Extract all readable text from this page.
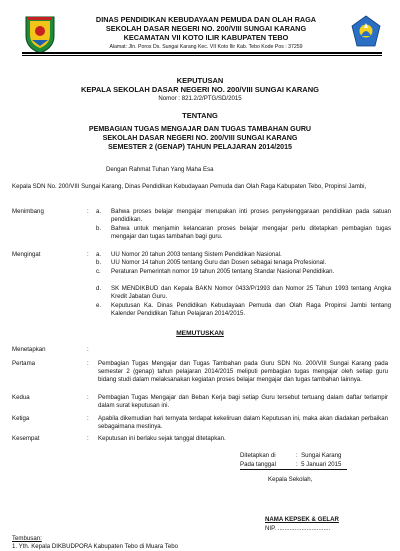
DINAS PENDIDIKAN KEBUDAYAAN PEMUDA DAN OLAH RAGA
SEKOLAH DASAR NEGERI NO. 200/VIII SUNGAI KARANG
KECAMATAN VII KOTO ILIR KABUPATEN TEBO
Alamat: Jln. Poros Ds. Sungai Karang Kec. VII Koto Ilir Kab. Tebo Kode Pos : 37259
KEPUTUSAN
KEPALA SEKOLAH DASAR NEGERI NO. 200/VIII SUNGAI KARANG
Nomor : 821.2/2/PTG/SD/2015
TENTANG
PEMBAGIAN TUGAS MENGAJAR DAN TUGAS TAMBAHAN GURU
SEKOLAH DASAR NEGERI NO. 200/VIII SUNGAI KARANG
SEMESTER 2 (GENAP) TAHUN PELAJARAN 2014/2015
Dengan Rahmat Tuhan Yang Maha Esa
Kepala SDN No. 200/VIII Sungai Karang, Dinas Pendidikan Kebudayaan Pemuda dan Olah Raga Kabupaten Tebo, Propinsi Jambi,
Menimbang	: a. Bahwa proses belajar mengajar merupakan inti proses penyelenggaraan pendidikan pada satuan pendidikan.
b. Bahwa untuk menjamin kelancaran proses belajar mengajar perlu ditetapkan pembagian tugas mengajar dan tugas tambahan bagi guru.
Mengingat	: a. UU Nomor 20 tahun 2003 tentang Sistem Pendidikan Nasional.
b. UU Nomor 14 tahun 2005 tentang Guru dan Dosen sebagai tenaga Profesional.
c. Peraturan Pemerintah nomor 19 tahun 2005 tentang Standar Nasional Pendidikan.
d. SK MENDIKBUD dan Kepala BAKN Nomor 0433/P/1993 dan Nomor 25 Tahun 1993 tentang Angka Kredit Jabatan Guru.
e. Keputusan Ka. Dinas Pendidikan Kebudayaan Pemuda dan Olah Raga Propinsi Jambi tentang Kalender Pendidikan Tahun Pelajaran 2014/2015.
MEMUTUSKAN
Menetapkan	:
Pertama	: Pembagian Tugas Mengajar dan Tugas Tambahan pada Guru SDN No. 200/VIII Sungai Karang pada semester 2 (genap) tahun pelajaran 2014/2015 meliputi pembagian tugas mengajar oleh setiap guru bidang studi dalam melaksanakan kegiatan proses belajar mengajar dan tugas tambahan lainnya.
Kedua	: Pembagian Tugas Mengajar dan Beban Kerja bagi setiap Guru tersebut tertuang dalam daftar terlampir dalam surat keputusan ini.
Ketiga	: Apabila dikemudian hari ternyata terdapat kekeliruan dalam Keputusan ini, maka akan diadakan perbaikan sebagaimana mestinya.
Kesempat	: Keputusan ini berlaku sejak tanggal ditetapkan.
Ditetapkan di	:  Sungai Karang
Pada tanggal	:  5 Januari 2015
Kepala Sekolah,
NAMA KEPSEK & GELAR
NIP. ...............................
Tembusan:
1. Yth. Kepala DIKBUDPORA Kabupaten Tebo di Muara Tebo
